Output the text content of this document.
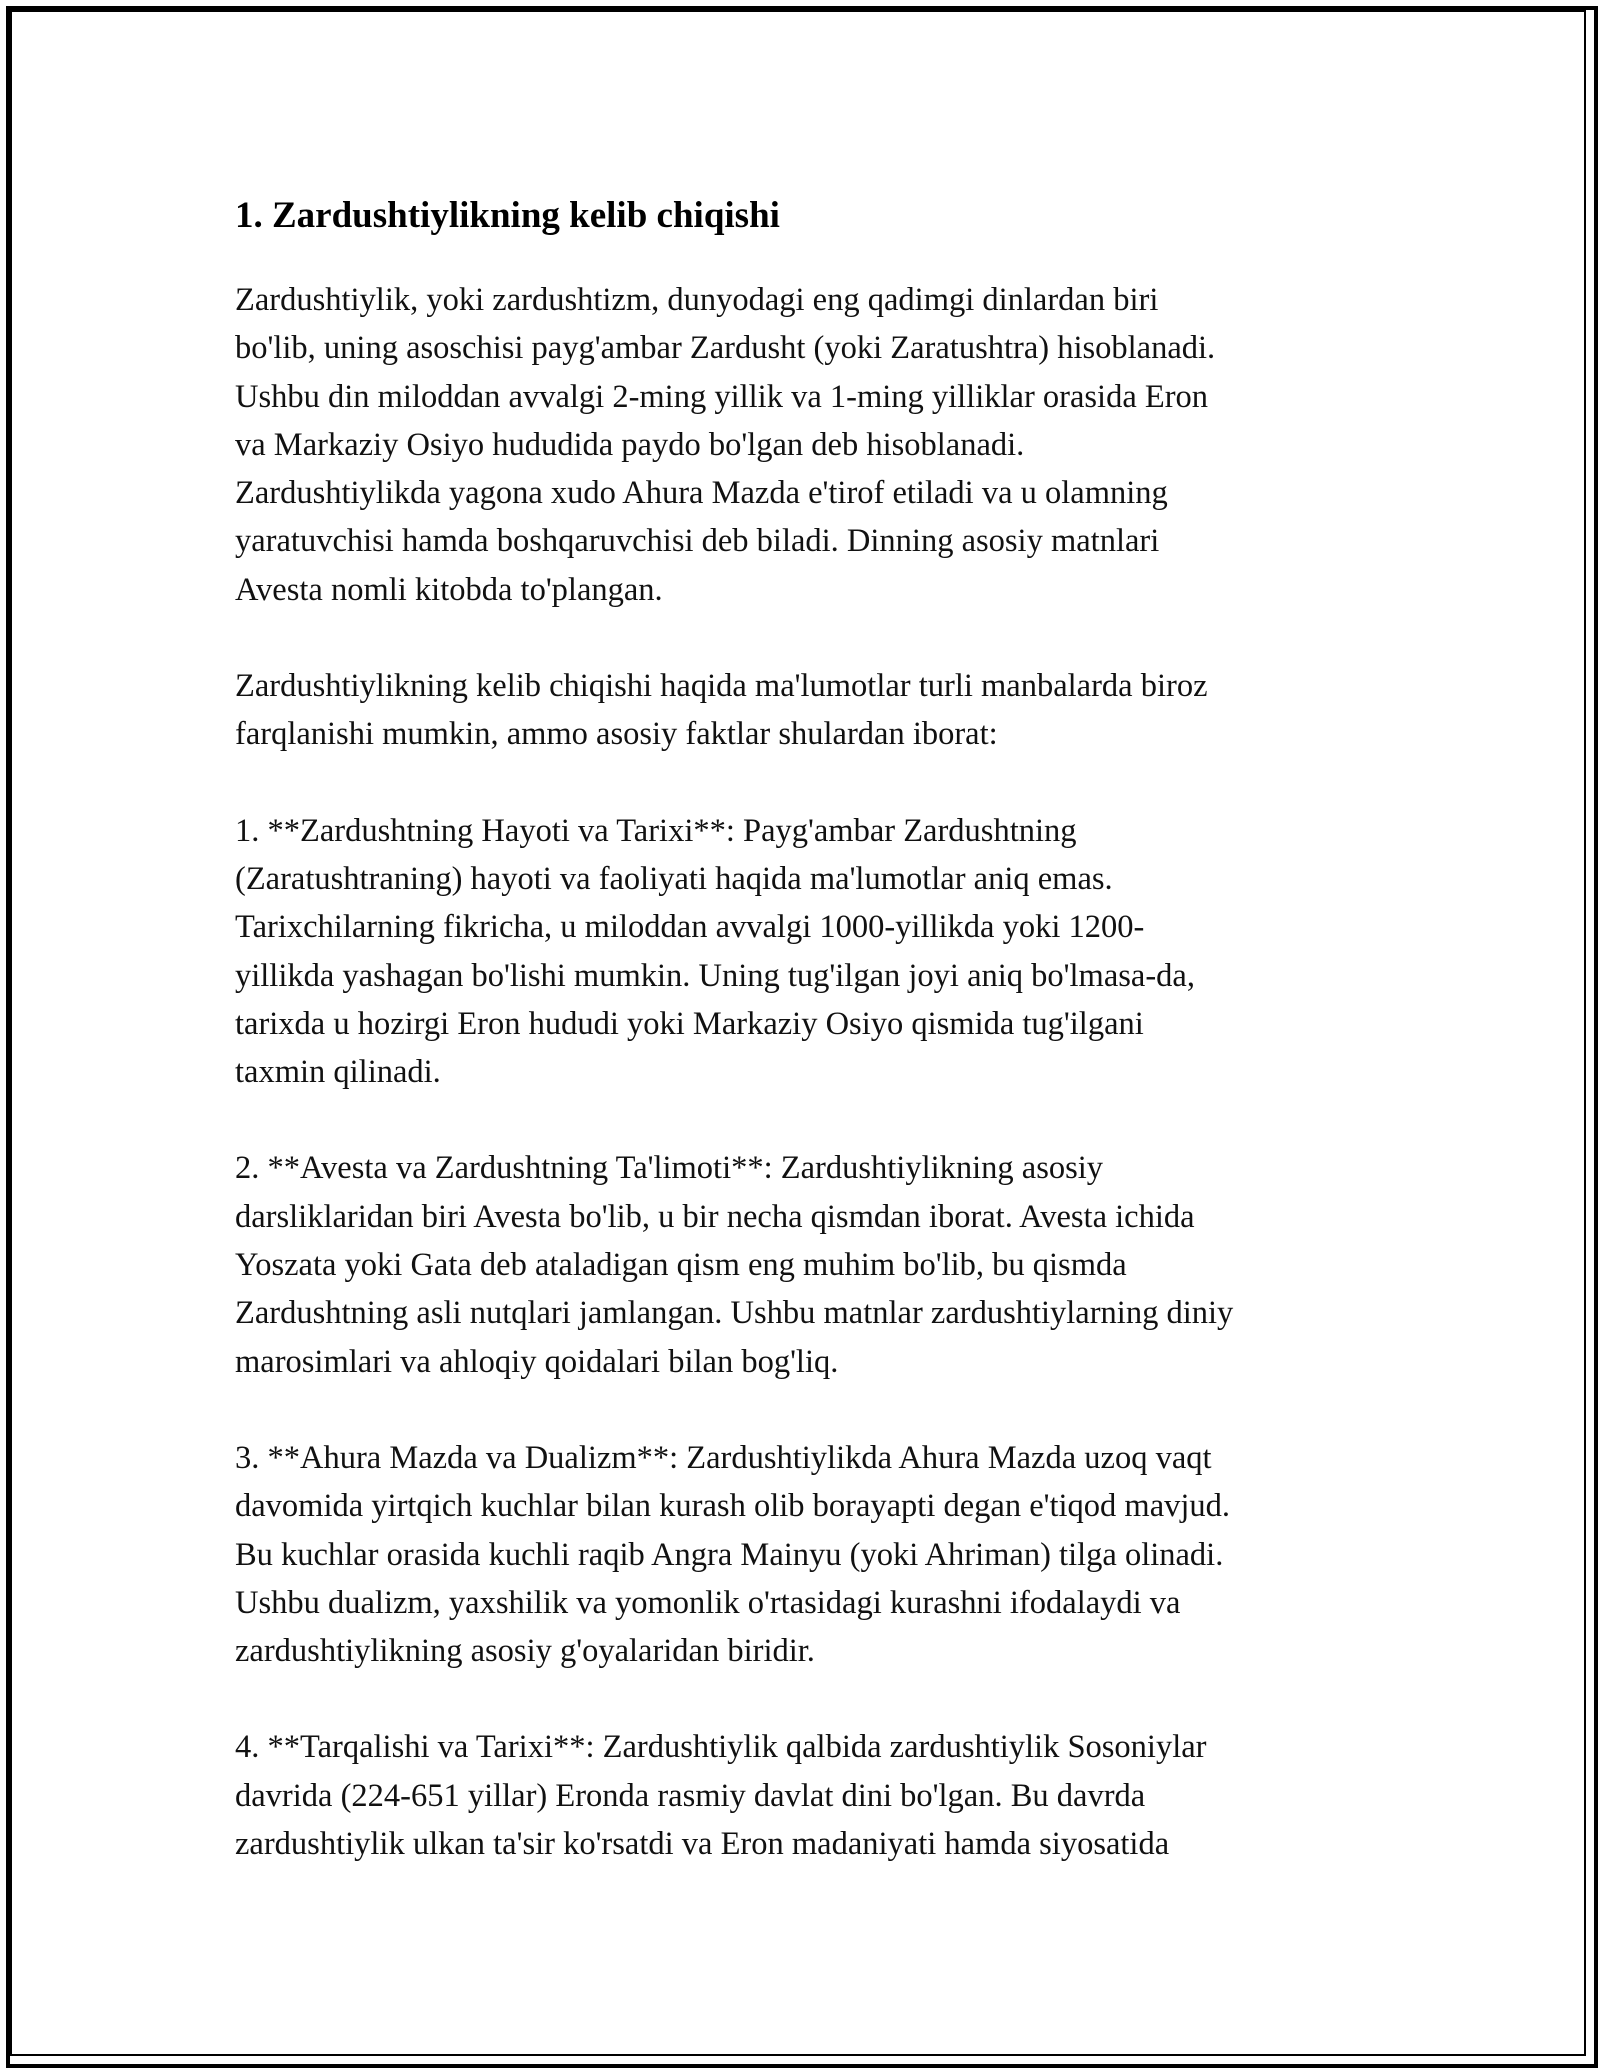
1. Zardushtiylikning kelib chiqishi

Zardushtiylik, yoki zardushtizm, dunyodagi eng qadimgi dinlardan biri
bo'lib, uning asoschisi payg'ambar Zardusht (yoki Zaratushtra) hisoblanadi.
Ushbu din miloddan avvalgi 2-ming yillik va 1-ming yilliklar orasida Eron
va Markaziy Osiyo hududida paydo bo'lgan deb hisoblanadi.
Zardushtiylikda yagona xudo Ahura Mazda e'tirof etiladi va u olamning
yaratuvchisi hamda boshqaruvchisi deb biladi. Dinning asosiy matnlari
Avesta nomli kitobda to'plangan.

Zardushtiylikning kelib chiqishi haqida ma'lumotlar turli manbalarda biroz
farqlanishi mumkin, ammo asosiy faktlar shulardan iborat:

1. **Zardushtning Hayoti va Tarixi**: Payg'ambar Zardushtning
(Zaratushtraning) hayoti va faoliyati haqida ma'lumotlar aniq emas.
Tarixchilarning fikricha, u miloddan avvalgi 1000-yillikda yoki 1200-
yillikda yashagan bo'lishi mumkin. Uning tug'ilgan joyi aniq bo'lmasa-da,
tarixda u hozirgi Eron hududi yoki Markaziy Osiyo qismida tug'ilgani
taxmin qilinadi.

2. **Avesta va Zardushtning Ta'limoti**: Zardushtiylikning asosiy
darsliklaridan biri Avesta bo'lib, u bir necha qismdan iborat. Avesta ichida
Yoszata yoki Gata deb ataladigan qism eng muhim bo'lib, bu qismda
Zardushtning asli nutqlari jamlangan. Ushbu matnlar zardushtiylarning diniy
marosimlari va ahloqiy qoidalari bilan bog'liq.

3. **Ahura Mazda va Dualizm**: Zardushtiylikda Ahura Mazda uzoq vaqt
davomida yirtqich kuchlar bilan kurash olib borayapti degan e'tiqod mavjud.
Bu kuchlar orasida kuchli raqib Angra Mainyu (yoki Ahriman) tilga olinadi.
Ushbu dualizm, yaxshilik va yomonlik o'rtasidagi kurashni ifodalaydi va
zardushtiylikning asosiy g'oyalaridan biridir.

4. **Tarqalishi va Tarixi**: Zardushtiylik qalbida zardushtiylik Sosoniylar
davrida (224-651 yillar) Eronda rasmiy davlat dini bo'lgan. Bu davrda
zardushtiylik ulkan ta'sir ko'rsatdi va Eron madaniyati hamda siyosatida
